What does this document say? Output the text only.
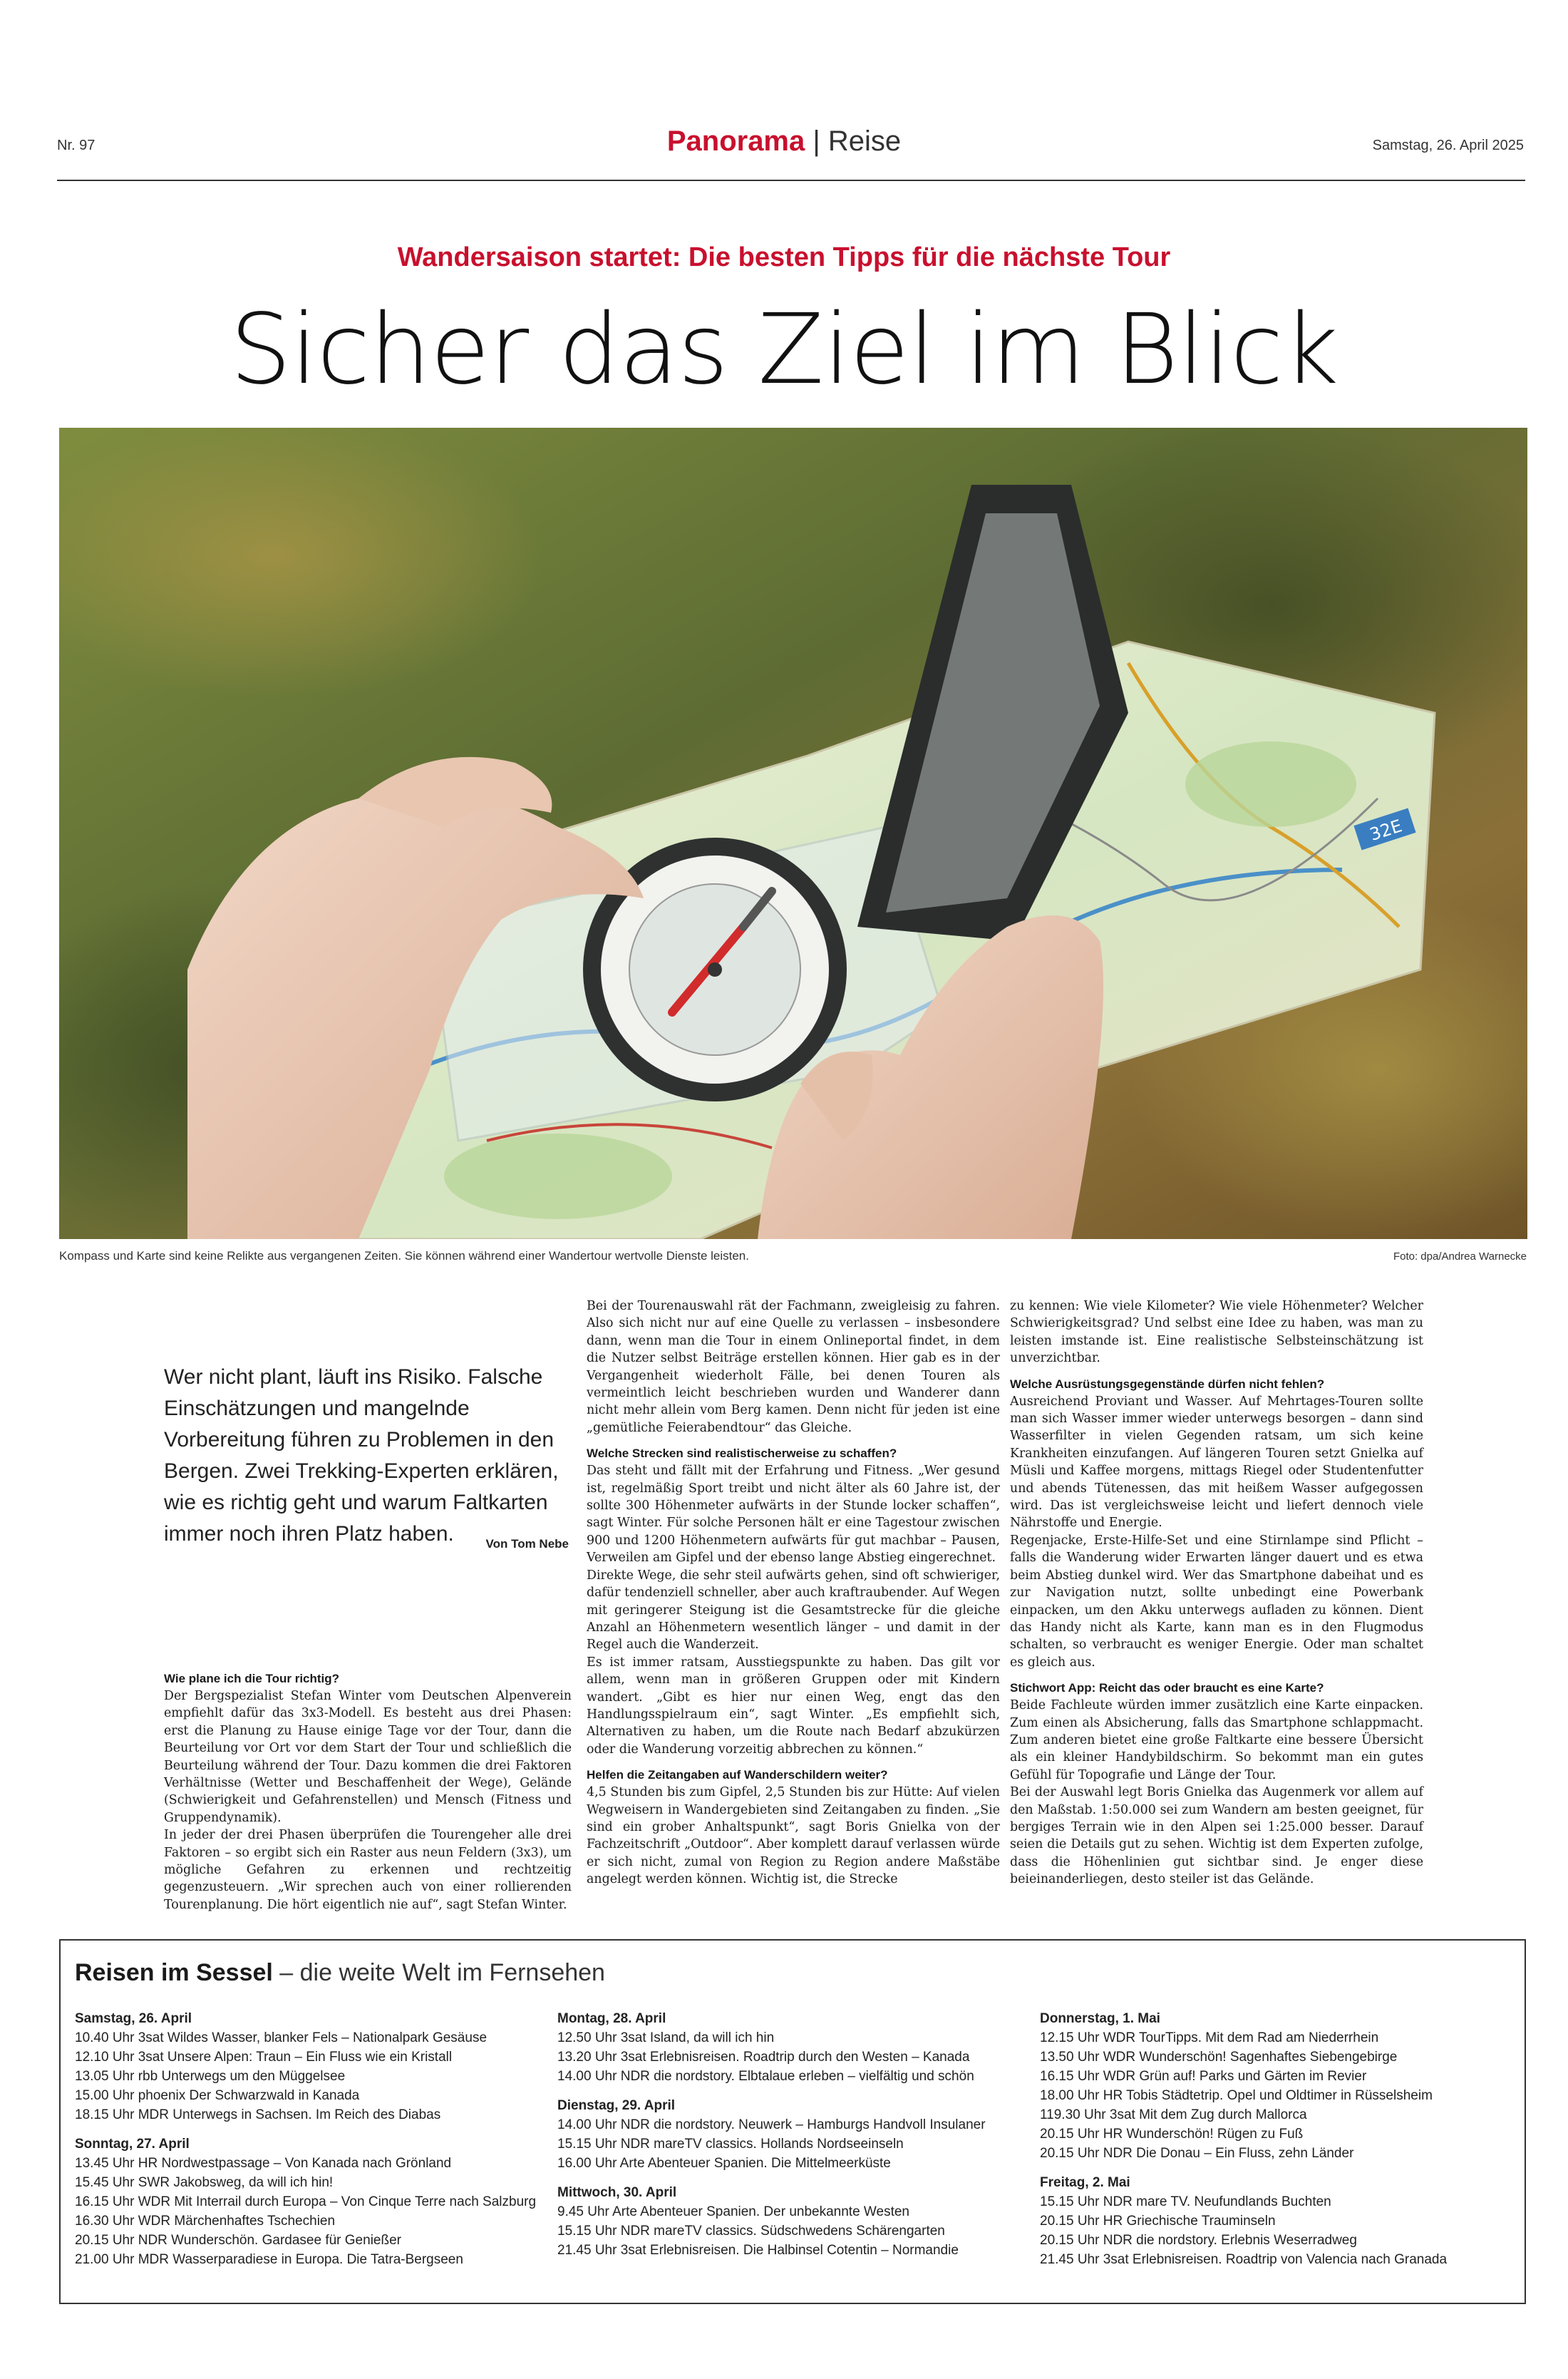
Nr. 97	Panorama | Reise	Samstag, 26. April 2025
Wandersaison startet: Die besten Tipps für die nächste Tour
Sicher das Ziel im Blick
32E
Kompass und Karte sind keine Relikte aus vergangenen Zeiten. Sie können während einer Wandertour wertvolle Dienste leisten.	Foto: dpa/Andrea Warnecke
Wer nicht plant, läuft ins Risiko. Falsche Einschätzungen und mangelnde Vorbereitung führen zu Problemen in den Bergen. Zwei Trekking-Experten erklären, wie es richtig geht und warum Faltkarten immer noch ihren Platz haben.	Von Tom Nebe
Wie plane ich die Tour richtig?

Der Bergspezialist Stefan Winter vom Deutschen Alpenverein empfiehlt dafür das 3x3-Modell. Es besteht aus drei Phasen: erst die Planung zu Hause einige Tage vor der Tour, dann die Beurteilung vor Ort vor dem Start der Tour und schließlich die Beurteilung während der Tour. Dazu kommen die drei Faktoren Verhältnisse (Wetter und Beschaffenheit der Wege), Gelände (Schwierigkeit und Gefahrenstellen) und Mensch (Fitness und Gruppendynamik).

In jeder der drei Phasen überprüfen die Tourengeher alle drei Faktoren – so ergibt sich ein Raster aus neun Feldern (3x3), um mögliche Gefahren zu erkennen und rechtzeitig gegenzusteuern. „Wir sprechen auch von einer rollierenden Tourenplanung. Die hört eigentlich nie auf“, sagt Stefan Winter.

Bei der Tourenauswahl rät der Fachmann, zweigleisig zu fahren. Also sich nicht nur auf eine Quelle zu verlassen – insbesondere dann, wenn man die Tour in einem Onlineportal findet, in dem die Nutzer selbst Beiträge erstellen können. Hier gab es in der Vergangenheit wiederholt Fälle, bei denen Touren als vermeintlich leicht beschrieben wurden und Wanderer dann nicht mehr allein vom Berg kamen. Denn nicht für jeden ist eine „gemütliche Feierabendtour“ das Gleiche.

Welche Strecken sind realistischerweise zu schaffen?

Das steht und fällt mit der Erfahrung und Fitness. „Wer gesund ist, regelmäßig Sport treibt und nicht älter als 60 Jahre ist, der sollte 300 Höhenmeter aufwärts in der Stunde locker schaffen“, sagt Winter. Für solche Personen hält er eine Tagestour zwischen 900 und 1200 Höhenmetern aufwärts für gut machbar – Pausen, Verweilen am Gipfel und der ebenso lange Abstieg eingerechnet.

Direkte Wege, die sehr steil aufwärts gehen, sind oft schwieriger, dafür tendenziell schneller, aber auch kraftraubender. Auf Wegen mit geringerer Steigung ist die Gesamtstrecke für die gleiche Anzahl an Höhenmetern wesentlich länger – und damit in der Regel auch die Wanderzeit.

Es ist immer ratsam, Ausstiegspunkte zu haben. Das gilt vor allem, wenn man in größeren Gruppen oder mit Kindern wandert. „Gibt es hier nur einen Weg, engt das den Handlungsspielraum ein“, sagt Winter. „Es empfiehlt sich, Alternativen zu haben, um die Route nach Bedarf abzukürzen oder die Wanderung vorzeitig abbrechen zu können.“

Helfen die Zeitangaben auf Wanderschildern weiter?

4,5 Stunden bis zum Gipfel, 2,5 Stunden bis zur Hütte: Auf vielen Wegweisern in Wandergebieten sind Zeitangaben zu finden. „Sie sind ein grober Anhaltspunkt“, sagt Boris Gnielka von der Fachzeitschrift „Outdoor“. Aber komplett darauf verlassen würde er sich nicht, zumal von Region zu Region andere Maßstäbe angelegt werden können. Wichtig ist, die Strecke

zu kennen: Wie viele Kilometer? Wie viele Höhenmeter? Welcher Schwierigkeitsgrad? Und selbst eine Idee zu haben, was man zu leisten imstande ist. Eine realistische Selbsteinschätzung ist unverzichtbar.

Welche Ausrüstungsgegenstände dürfen nicht fehlen?

Ausreichend Proviant und Wasser. Auf Mehrtages-Touren sollte man sich Wasser immer wieder unterwegs besorgen – dann sind Wasserfilter in vielen Gegenden ratsam, um sich keine Krankheiten einzufangen. Auf längeren Touren setzt Gnielka auf Müsli und Kaffee morgens, mittags Riegel oder Studentenfutter und abends Tütenessen, das mit heißem Wasser aufgegossen wird. Das ist vergleichsweise leicht und liefert dennoch viele Nährstoffe und Energie.

Regenjacke, Erste-Hilfe-Set und eine Stirnlampe sind Pflicht – falls die Wanderung wider Erwarten länger dauert und es etwa beim Abstieg dunkel wird. Wer das Smartphone dabeihat und es zur Navigation nutzt, sollte unbedingt eine Powerbank einpacken, um den Akku unterwegs aufladen zu können. Dient das Handy nicht als Karte, kann man es in den Flugmodus schalten, so verbraucht es weniger Energie. Oder man schaltet es gleich aus.

Stichwort App: Reicht das oder braucht es eine Karte?

Beide Fachleute würden immer zusätzlich eine Karte einpacken. Zum einen als Absicherung, falls das Smartphone schlappmacht. Zum anderen bietet eine große Faltkarte eine bessere Übersicht als ein kleiner Handybildschirm. So bekommt man ein gutes Gefühl für Topografie und Länge der Tour.

Bei der Auswahl legt Boris Gnielka das Augenmerk vor allem auf den Maßstab. 1:50.000 sei zum Wandern am besten geeignet, für bergiges Terrain wie in den Alpen sei 1:25.000 besser. Darauf seien die Details gut zu sehen. Wichtig ist dem Experten zufolge, dass die Höhenlinien gut sichtbar sind. Je enger diese beieinanderliegen, desto steiler ist das Gelände.

Reisen im Sessel – die weite Welt im Fernsehen

Samstag, 26. April

10.40 Uhr 3sat Wildes Wasser, blanker Fels – Nationalpark Gesäuse

12.10 Uhr 3sat Unsere Alpen: Traun – Ein Fluss wie ein Kristall

13.05 Uhr rbb Unterwegs um den Müggelsee

15.00 Uhr phoenix Der Schwarzwald in Kanada

18.15 Uhr MDR Unterwegs in Sachsen. Im Reich des Diabas

Sonntag, 27. April

13.45 Uhr HR Nordwestpassage – Von Kanada nach Grönland

15.45 Uhr SWR Jakobsweg, da will ich hin!

16.15 Uhr WDR Mit Interrail durch Europa – Von Cinque Terre nach Salzburg

16.30 Uhr WDR Märchenhaftes Tschechien

20.15 Uhr NDR Wunderschön. Gardasee für Genießer

21.00 Uhr MDR Wasserparadiese in Europa. Die Tatra-Bergseen

Montag, 28. April

12.50 Uhr 3sat Island, da will ich hin

13.20 Uhr 3sat Erlebnisreisen. Roadtrip durch den Westen – Kanada

14.00 Uhr NDR die nordstory. Elbtalaue erleben – vielfältig und schön

Dienstag, 29. April

14.00 Uhr NDR die nordstory. Neuwerk – Hamburgs Handvoll Insulaner

15.15 Uhr NDR mareTV classics. Hollands Nordseeinseln

16.00 Uhr Arte Abenteuer Spanien. Die Mittelmeerküste

Mittwoch, 30. April

9.45 Uhr Arte Abenteuer Spanien. Der unbekannte Westen

15.15 Uhr NDR mareTV classics. Südschwedens Schärengarten

21.45 Uhr 3sat Erlebnisreisen. Die Halbinsel Cotentin – Normandie

Donnerstag, 1. Mai

12.15 Uhr WDR TourTipps. Mit dem Rad am Niederrhein

13.50 Uhr WDR Wunderschön! Sagenhaftes Siebengebirge

16.15 Uhr WDR Grün auf! Parks und Gärten im Revier

18.00 Uhr HR Tobis Städtetrip. Opel und Oldtimer in Rüsselsheim

119.30 Uhr 3sat Mit dem Zug durch Mallorca

20.15 Uhr HR Wunderschön! Rügen zu Fuß

20.15 Uhr NDR Die Donau – Ein Fluss, zehn Länder

Freitag, 2. Mai

15.15 Uhr NDR mare TV. Neufundlands Buchten

20.15 Uhr HR Griechische Trauminseln

20.15 Uhr NDR die nordstory. Erlebnis Weserradweg

21.45 Uhr 3sat Erlebnisreisen. Roadtrip von Valencia nach Granada
